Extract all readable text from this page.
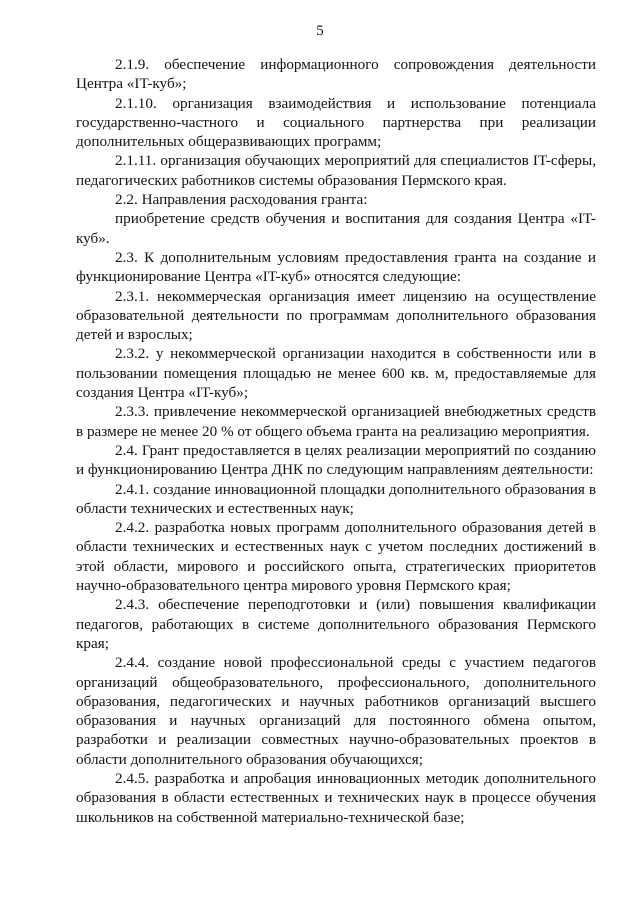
5

2.1.9. обеспечение информационного сопровождения деятельности Центра «IT-куб»;

2.1.10. организация взаимодействия и использование потенциала государственно-частного и социального партнерства при реализации дополнительных общеразвивающих программ;

2.1.11. организация обучающих мероприятий для специалистов IT-сферы, педагогических работников системы образования Пермского края.

2.2. Направления расходования гранта:

приобретение средств обучения и воспитания для создания Центра «IT-куб».

2.3. К дополнительным условиям предоставления гранта на создание и функционирование Центра «IT-куб» относятся следующие:

2.3.1. некоммерческая организация имеет лицензию на осуществление образовательной деятельности по программам дополнительного образования детей и взрослых;

2.3.2. у некоммерческой организации находится в собственности или в пользовании помещения площадью не менее 600 кв. м, предоставляемые для создания Центра «IT-куб»;

2.3.3. привлечение некоммерческой организацией внебюджетных средств в размере не менее 20 % от общего объема гранта на реализацию мероприятия.

2.4. Грант предоставляется в целях реализации мероприятий по созданию и функционированию Центра ДНК по следующим направлениям деятельности:

2.4.1. создание инновационной площадки дополнительного образования в области технических и естественных наук;

2.4.2. разработка новых программ дополнительного образования детей в области технических и естественных наук с учетом последних достижений в этой области, мирового и российского опыта, стратегических приоритетов научно-образовательного центра мирового уровня Пермского края;

2.4.3. обеспечение переподготовки и (или) повышения квалификации педагогов, работающих в системе дополнительного образования Пермского края;

2.4.4. создание новой профессиональной среды с участием педагогов организаций общеобразовательного, профессионального, дополнительного образования, педагогических и научных работников организаций высшего образования и научных организаций для постоянного обмена опытом, разработки и реализации совместных научно-образовательных проектов в области дополнительного образования обучающихся;

2.4.5. разработка и апробация инновационных методик дополнительного образования в области естественных и технических наук в процессе обучения школьников на собственной материально-технической базе;
